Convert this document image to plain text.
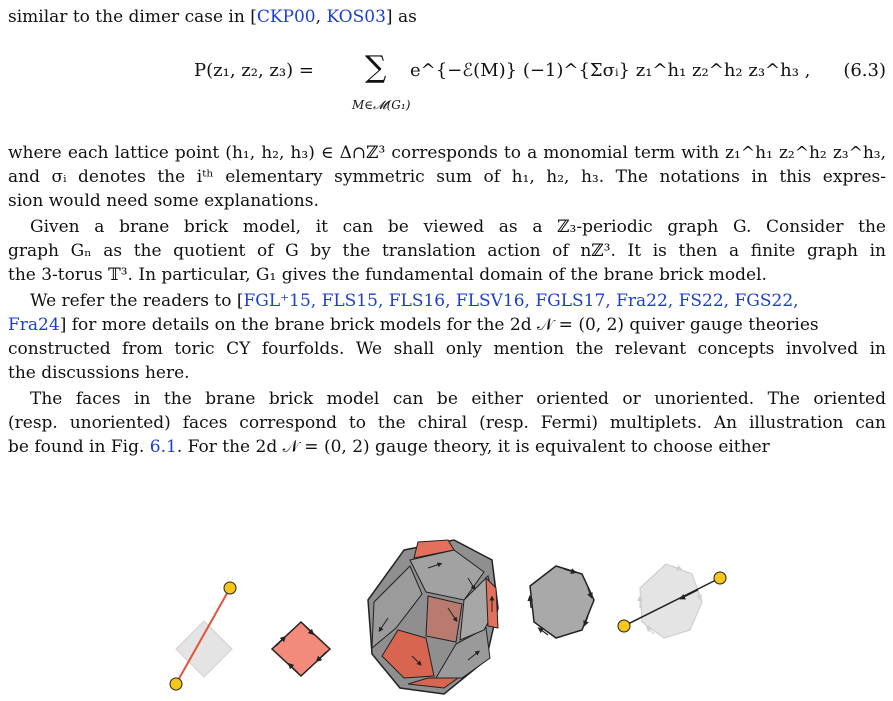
similar to the dimer case in [CKP00, KOS03] as
P(z₁, z₂, z₃) = ∑
M∈𝓜(G₁)
e^{−ℰ(M)} (−1)^{Σσᵢ} z₁^h₁ z₂^h₂ z₃^h₃ , (6.3)
where each lattice point (h₁, h₂, h₃) ∈ Δ∩ℤ³ corresponds to a monomial term with z₁^h₁ z₂^h₂ z₃^h₃,
and σᵢ denotes the iᵗʰ elementary symmetric sum of h₁, h₂, h₃. The notations in this expres-
sion would need some explanations.
Given a brane brick model, it can be viewed as a ℤ₃-periodic graph G. Consider the
graph Gₙ as the quotient of G by the translation action of nℤ³. It is then a finite graph in
the 3-torus 𝕋³. In particular, G₁ gives the fundamental domain of the brane brick model.
We refer the readers to [FGL⁺15, FLS15, FLS16, FLSV16, FGLS17, Fra22, FS22, FGS22,
Fra24] for more details on the brane brick models for the 2d 𝒩 = (0, 2) quiver gauge theories
constructed from toric CY fourfolds. We shall only mention the relevant concepts involved in
the discussions here.
The faces in the brane brick model can be either oriented or unoriented. The oriented
(resp. unoriented) faces correspond to the chiral (resp. Fermi) multiplets. An illustration can
be found in Fig. 6.1. For the 2d 𝒩 = (0, 2) gauge theory, it is equivalent to choose either
